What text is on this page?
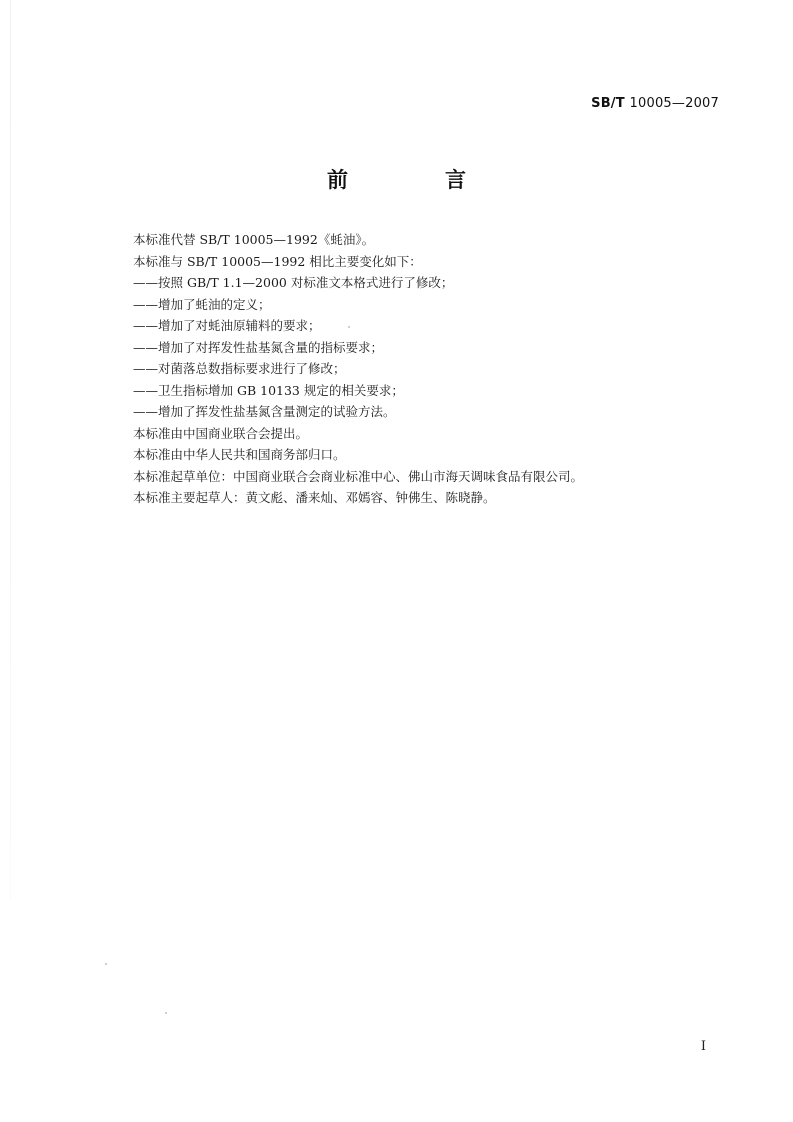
SB/T 10005—2007
前　言
本标准代替 SB/T 10005—1992《蚝油》。
本标准与 SB/T 10005—1992 相比主要变化如下：
——按照 GB/T 1.1—2000 对标准文本格式进行了修改；
——增加了蚝油的定义；
——增加了对蚝油原辅料的要求；
——增加了对挥发性盐基氮含量的指标要求；
——对菌落总数指标要求进行了修改；
——卫生指标增加 GB 10133 规定的相关要求；
——增加了挥发性盐基氮含量测定的试验方法。
本标准由中国商业联合会提出。
本标准由中华人民共和国商务部归口。
本标准起草单位：中国商业联合会商业标准中心、佛山市海天调味食品有限公司。
本标准主要起草人：黄文彪、潘来灿、邓嫣容、钟佛生、陈晓静。
I
